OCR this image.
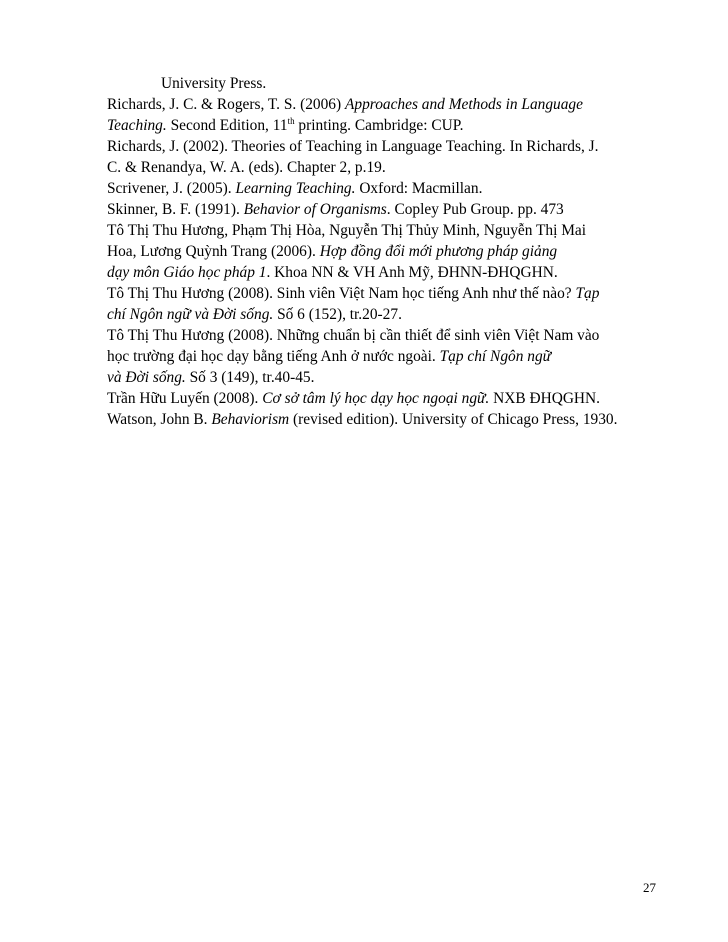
University Press.
Richards, J. C. & Rogers, T. S. (2006) Approaches and Methods in Language
Teaching. Second Edition, 11th printing. Cambridge: CUP.
Richards, J. (2002). Theories of Teaching in Language Teaching. In Richards, J.
C. & Renandya, W. A. (eds). Chapter 2, p.19.
Scrivener, J. (2005). Learning Teaching. Oxford: Macmillan.
Skinner, B. F. (1991). Behavior of Organisms. Copley Pub Group. pp. 473
Tô Thị Thu Hương, Phạm Thị Hòa, Nguyễn Thị Thủy Minh, Nguyễn Thị Mai
Hoa, Lương Quỳnh Trang (2006). Hợp đồng đổi mới phương pháp giảng
dạy môn Giáo học pháp 1. Khoa NN & VH Anh Mỹ, ĐHNN-ĐHQGHN.
Tô Thị Thu Hương (2008). Sinh viên Việt Nam học tiếng Anh như thế nào? Tạp
chí Ngôn ngữ và Đời sống. Số 6 (152), tr.20-27.
Tô Thị Thu Hương (2008). Những chuẩn bị cần thiết để sinh viên Việt Nam vào
học trường đại học dạy bằng tiếng Anh ở nước ngoài. Tạp chí Ngôn ngữ
và Đời sống. Số 3 (149), tr.40-45.
Trần Hữu Luyến (2008). Cơ sở tâm lý học dạy học ngoại ngữ. NXB ĐHQGHN.
Watson, John B. Behaviorism (revised edition). University of Chicago Press, 1930.
27
